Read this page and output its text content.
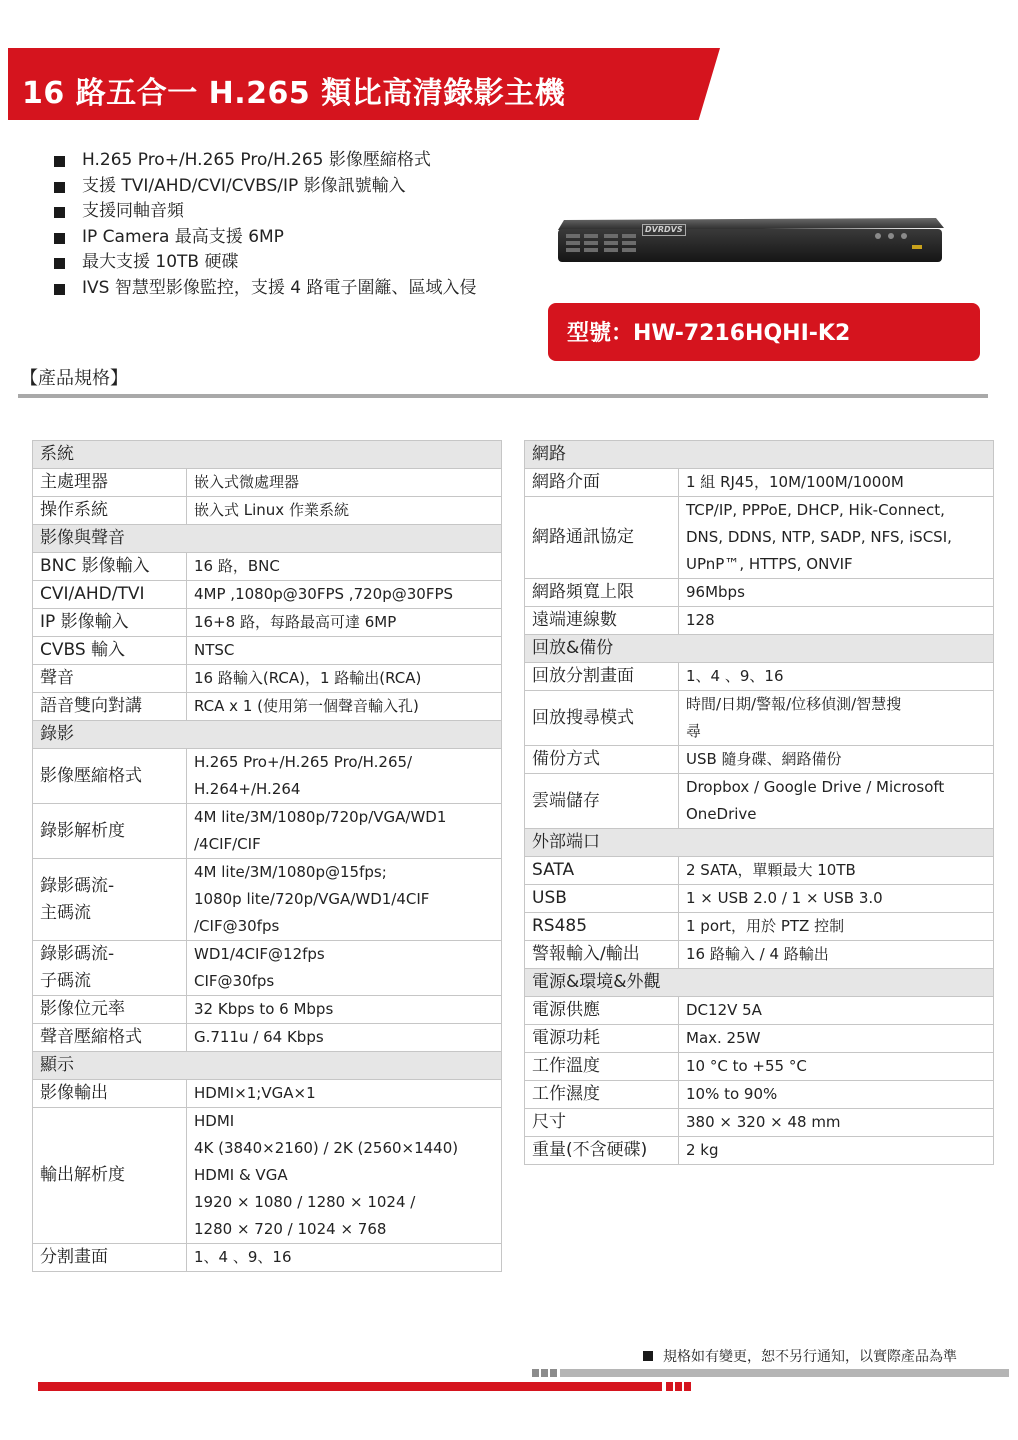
16 路五合一 H.265 類比高清錄影主機
H.265 Pro+/H.265 Pro/H.265 影像壓縮格式
支援 TVI/AHD/CVI/CVBS/IP 影像訊號輸入
支援同軸音頻
IP Camera 最高支援 6MP
最大支援 10TB 硬碟
IVS 智慧型影像監控，支援 4 路電子圍籬、區域入侵
DVRDVS
型號：HW-7216HQHI-K2
【產品規格】
系統	
主處理器	嵌入式微處理器
操作系統	嵌入式 Linux 作業系統
影像與聲音	
BNC 影像輸入	16 路，BNC
CVI/AHD/TVI	4MP ,1080p@30FPS ,720p@30FPS
IP 影像輸入	16+8 路，每路最高可達 6MP
CVBS 輸入	NTSC
聲音	16 路輸入(RCA)，1 路輸出(RCA)
語音雙向對講	RCA x 1 (使用第一個聲音輸入孔)
錄影	
影像壓縮格式	H.265 Pro+/H.265 Pro/H.265/
H.264+/H.264
錄影解析度	4M lite/3M/1080p/720p/VGA/WD1
/4CIF/CIF
錄影碼流-
主碼流	4M lite/3M/1080p@15fps;
1080p lite/720p/VGA/WD1/4CIF
/CIF@30fps
錄影碼流-
子碼流	WD1/4CIF@12fps
CIF@30fps
影像位元率	32 Kbps to 6 Mbps
聲音壓縮格式	G.711u / 64 Kbps
顯示	
影像輸出	HDMI×1;VGA×1
輸出解析度	HDMI
4K (3840×2160) / 2K (2560×1440)
HDMI & VGA
1920 × 1080 / 1280 × 1024 /
1280 × 720 / 1024 × 768
分割畫面	1、4 、9、16
網路	
網路介面	1 組 RJ45，10M/100M/1000M
網路通訊協定	TCP/IP, PPPoE, DHCP, Hik-Connect,
DNS, DDNS, NTP, SADP, NFS, iSCSI,
UPnP™, HTTPS, ONVIF
網路頻寬上限	96Mbps
遠端連線數	128
回放&備份	
回放分割畫面	1、4 、9、16
回放搜尋模式	時間/日期/警報/位移偵測/智慧搜
尋
備份方式	USB 隨身碟、網路備份
雲端儲存	Dropbox / Google Drive / Microsoft
OneDrive
外部端口	
SATA	2 SATA，單顆最大 10TB
USB	1 × USB 2.0 / 1 × USB 3.0
RS485	1 port，用於 PTZ 控制
警報輸入/輸出	16 路輸入 / 4 路輸出
電源&環境&外觀	
電源供應	DC12V 5A
電源功耗	Max. 25W
工作溫度	10 °C to +55 °C
工作濕度	10% to 90%
尺寸	380 × 320 × 48 mm
重量(不含硬碟)	2 kg
規格如有變更，恕不另行通知，以實際產品為準
